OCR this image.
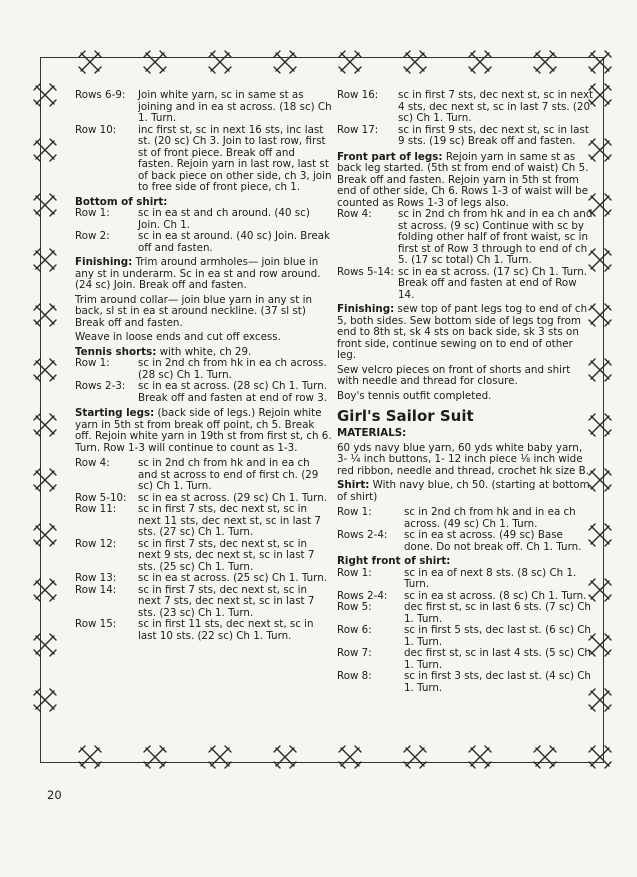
Rows 6-9:	Join white yarn, sc in same st as joining and in ea st across. (18 sc) Ch 1. Turn.
Row 10:	inc first st, sc in next 16 sts, inc last st. (20 sc) Ch 3. Join to last row, first st of front piece. Break off and fasten. Rejoin yarn in last row, last st of back piece on other side, ch 3, join to free side of front piece, ch 1.
Bottom of shirt:
Row 1:	sc in ea st and ch around. (40 sc) Join. Ch 1.
Row 2:	sc in ea st around. (40 sc) Join. Break off and fasten.
Finishing: Trim around armholes— join blue in any st in underarm. Sc in ea st and row around. (24 sc) Join. Break off and fasten.
Trim around collar— join blue yarn in any st in back, sl st in ea st around neckline. (37 sl st) Break off and fasten.
Weave in loose ends and cut off excess.
Tennis shorts: with white, ch 29.
Row 1:	sc in 2nd ch from hk in ea ch across. (28 sc) Ch 1. Turn.
Rows 2-3:	sc in ea st across. (28 sc) Ch 1. Turn. Break off and fasten at end of row 3.
Starting legs: (back side of legs.) Rejoin white yarn in 5th st from break off point, ch 5. Break off. Rejoin white yarn in 19th st from first st, ch 6. Turn. Row 1-3 will continue to count as 1-3.
Row 4:	sc in 2nd ch from hk and in ea ch and st across to end of first ch. (29 sc) Ch 1. Turn.
Row 5-10:	sc in ea st across. (29 sc) Ch 1. Turn.
Row 11:	sc in first 7 sts, dec next st, sc in next 11 sts, dec next st, sc in last 7 sts. (27 sc) Ch 1. Turn.
Row 12:	sc in first 7 sts, dec next st, sc in next 9 sts, dec next st, sc in last 7 sts. (25 sc) Ch 1. Turn.
Row 13:	sc in ea st across. (25 sc) Ch 1. Turn.
Row 14:	sc in first 7 sts, dec next st, sc in next 7 sts, dec next st, sc in last 7 sts. (23 sc) Ch 1. Turn.
Row 15:	sc in first 11 sts, dec next st, sc in last 10 sts. (22 sc) Ch 1. Turn.
Row 16:	sc in first 7 sts, dec next st, sc in next 4 sts, dec next st, sc in last 7 sts. (20 sc) Ch 1. Turn.
Row 17:	sc in first 9 sts, dec next st, sc in last 9 sts. (19 sc) Break off and fasten.
Front part of legs: Rejoin yarn in same st as back leg started. (5th st from end of waist) Ch 5. Break off and fasten. Rejoin yarn in 5th st from end of other side, Ch 6. Rows 1-3 of waist will be counted as Rows 1-3 of legs also.
Row 4:	sc in 2nd ch from hk and in ea ch and st across. (9 sc) Continue with sc by folding other half of front waist, sc in first st of Row 3 through to end of ch 5. (17 sc total) Ch 1. Turn.
Rows 5-14: sc in ea st across. (17 sc) Ch 1. Turn. Break off and fasten at end of Row 14.
Finishing: sew top of pant legs tog to end of ch 5, both sides. Sew bottom side of legs tog from end to 8th st, sk 4 sts on back side, sk 3 sts on front side, continue sewing on to end of other leg.
Sew velcro pieces on front of shorts and shirt with needle and thread for closure.
Boy's tennis outfit completed.
Girl's Sailor Suit
MATERIALS:
60 yds navy blue yarn, 60 yds white baby yarn, 3- ¼ inch buttons, 1- 12 inch piece ⅛ inch wide red ribbon, needle and thread, crochet hk size B.
Shirt: With navy blue, ch 50. (starting at bottom of shirt)
Row 1:	sc in 2nd ch from hk and in ea ch across. (49 sc) Ch 1. Turn.
Rows 2-4:	sc in ea st across. (49 sc) Base done. Do not break off. Ch 1. Turn.
Right front of shirt:
Row 1:	sc in ea of next 8 sts. (8 sc) Ch 1. Turn.
Rows 2-4:	sc in ea st across. (8 sc) Ch 1. Turn.
Row 5:	dec first st, sc in last 6 sts. (7 sc) Ch 1. Turn.
Row 6:	sc in first 5 sts, dec last st. (6 sc) Ch 1. Turn.
Row 7:	dec first st, sc in last 4 sts. (5 sc) Ch 1. Turn.
Row 8:	sc in first 3 sts, dec last st. (4 sc) Ch 1. Turn.
20
